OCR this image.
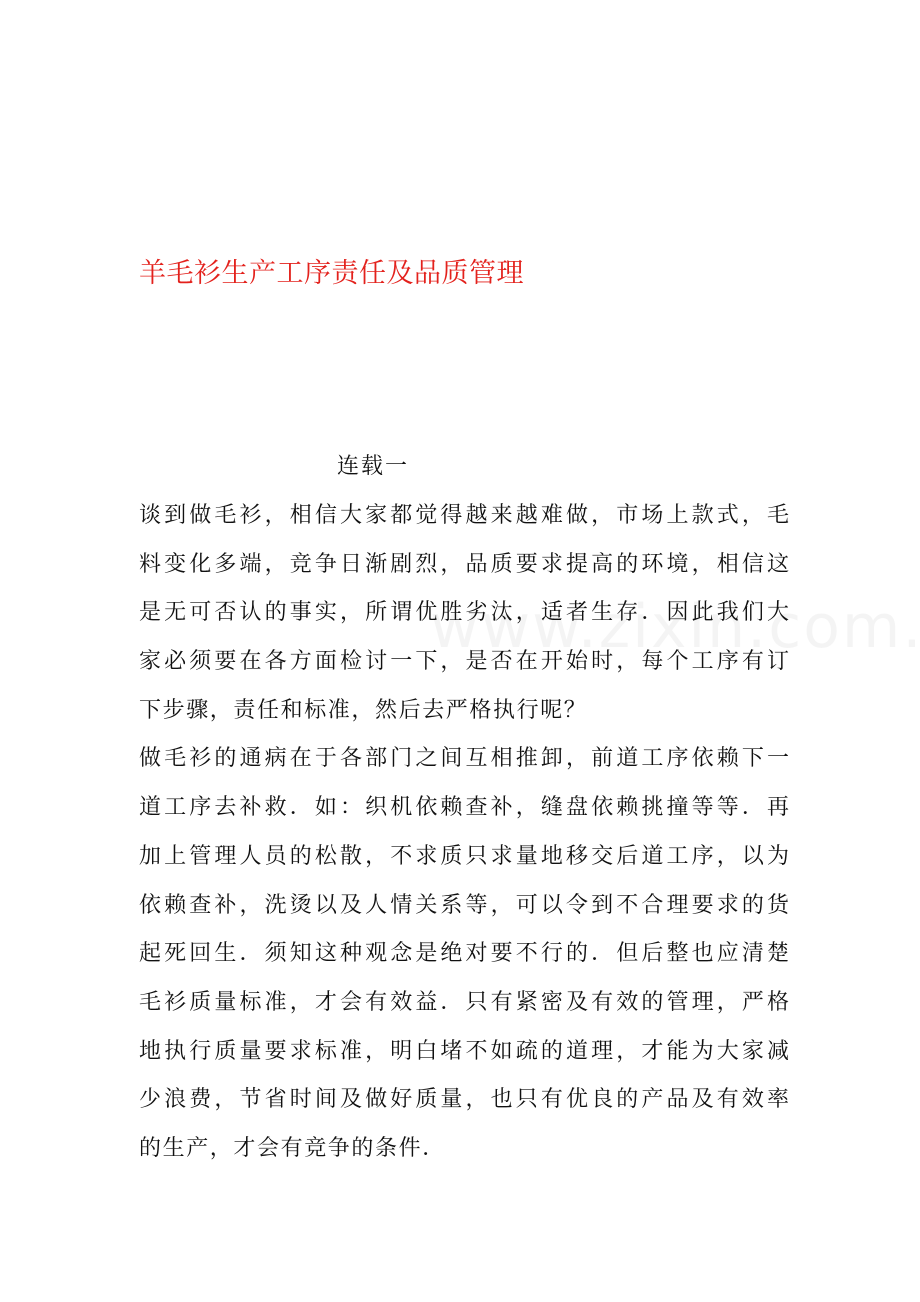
羊毛衫生产工序责任及品质管理
连载一
谈到做毛衫，相信大家都觉得越来越难做，市场上款式，毛
料变化多端，竞争日渐剧烈，品质要求提高的环境，相信这
是无可否认的事实，所谓优胜劣汰，适者生存．因此我们大
家必须要在各方面检讨一下，是否在开始时，每个工序有订
下步骤，责任和标准，然后去严格执行呢？
做毛衫的通病在于各部门之间互相推卸，前道工序依赖下一
道工序去补救．如：织机依赖查补，缝盘依赖挑撞等等．再
加上管理人员的松散，不求质只求量地移交后道工序，以为
依赖查补，洗烫以及人情关系等，可以令到不合理要求的货
起死回生．须知这种观念是绝对要不行的．但后整也应清楚
毛衫质量标准，才会有效益．只有紧密及有效的管理，严格
地执行质量要求标准，明白堵不如疏的道理，才能为大家减
少浪费，节省时间及做好质量，也只有优良的产品及有效率
的生产，才会有竞争的条件．
